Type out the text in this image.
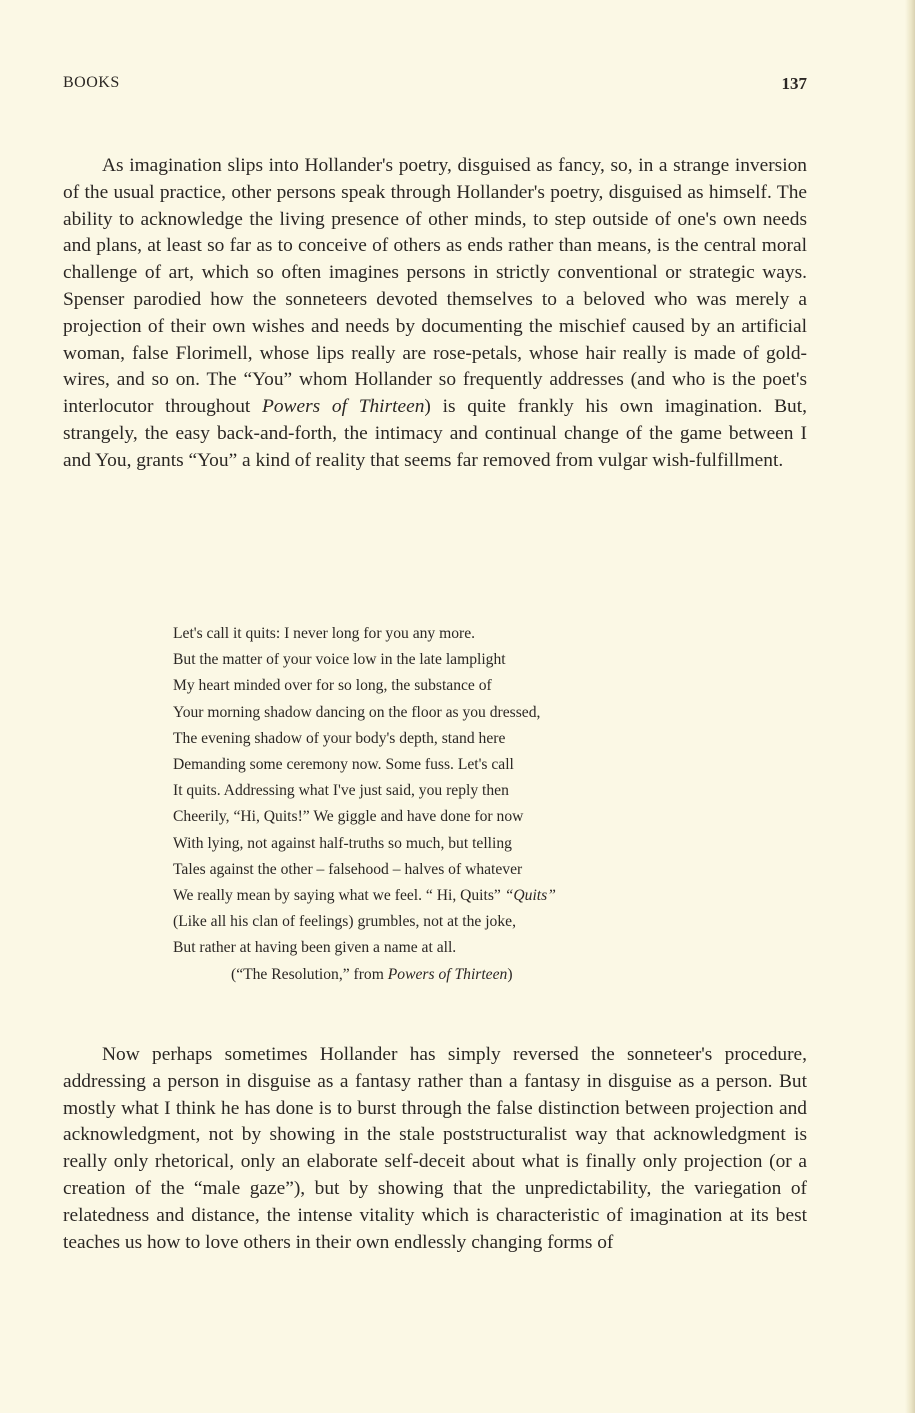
BOOKS	137

As imagination slips into Hollander's poetry, disguised as fancy, so, in a strange inversion of the usual practice, other persons speak through Hollander's poetry, disguised as himself. The ability to acknowledge the living presence of other minds, to step outside of one's own needs and plans, at least so far as to conceive of others as ends rather than means, is the central moral challenge of art, which so often imagines persons in strictly conventional or strategic ways. Spenser parodied how the sonneteers devoted themselves to a beloved who was merely a projection of their own wishes and needs by documenting the mischief caused by an artificial woman, false Florimell, whose lips really are rose-petals, whose hair really is made of gold-wires, and so on. The “You” whom Hollander so frequently addresses (and who is the poet's interlocutor throughout Powers of Thirteen) is quite frankly his own imagination. But, strangely, the easy back-and-forth, the intimacy and continual change of the game between I and You, grants “You” a kind of reality that seems far removed from vulgar wish-fulfillment.

Let's call it quits: I never long for you any more.
But the matter of your voice low in the late lamplight
My heart minded over for so long, the substance of
Your morning shadow dancing on the floor as you dressed,
The evening shadow of your body's depth, stand here
Demanding some ceremony now. Some fuss. Let's call
It quits. Addressing what I've just said, you reply then
Cheerily, “Hi, Quits!” We giggle and have done for now
With lying, not against half-truths so much, but telling
Tales against the other – falsehood – halves of whatever
We really mean by saying what we feel. “ Hi, Quits” “Quits”
(Like all his clan of feelings) grumbles, not at the joke,
But rather at having been given a name at all.
(“The Resolution,” from Powers of Thirteen)

Now perhaps sometimes Hollander has simply reversed the sonneteer's procedure, addressing a person in disguise as a fantasy rather than a fantasy in disguise as a person. But mostly what I think he has done is to burst through the false distinction between projection and acknowledgment, not by showing in the stale poststructuralist way that acknowledgment is really only rhetorical, only an elaborate self-deceit about what is finally only projection (or a creation of the “male gaze”), but by showing that the unpredictability, the variegation of relatedness and distance, the intense vitality which is characteristic of imagination at its best teaches us how to love others in their own endlessly changing forms of
